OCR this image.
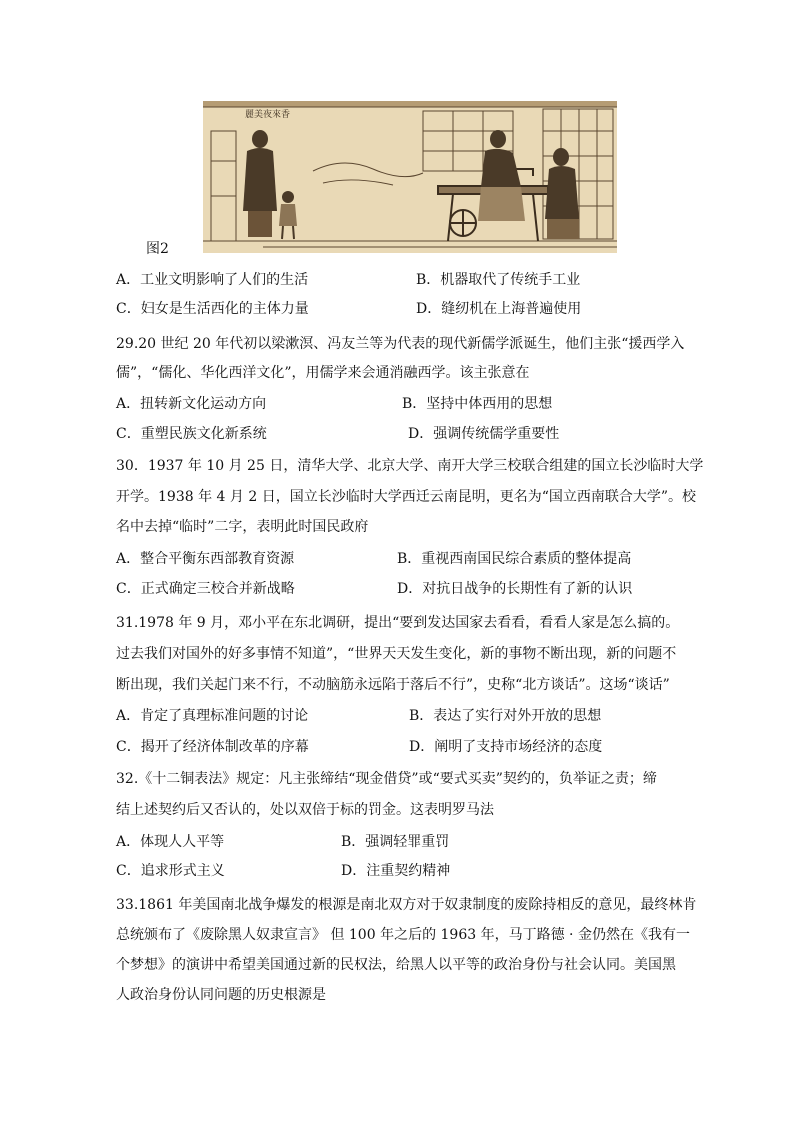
麗美夜來香
图2
A．工业文明影响了人们的生活	B．机器取代了传统手工业
C．妇女是生活西化的主体力量	D．缝纫机在上海普遍使用
29.20 世纪 20 年代初以梁漱溟、冯友兰等为代表的现代新儒学派诞生，他们主张“援西学入
儒”，“儒化、华化西洋文化”，用儒学来会通消融西学。该主张意在
A．扭转新文化运动方向	B．坚持中体西用的思想
C．重塑民族文化新系统	D．强调传统儒学重要性
30．1937 年 10 月 25 日，清华大学、北京大学、南开大学三校联合组建的国立长沙临时大学
开学。1938 年 4 月 2 日，国立长沙临时大学西迁云南昆明，更名为“国立西南联合大学”。校
名中去掉“临时”二字，表明此时国民政府
A．整合平衡东西部教育资源	B．重视西南国民综合素质的整体提高
C．正式确定三校合并新战略	D．对抗日战争的长期性有了新的认识
31.1978 年 9 月，邓小平在东北调研，提出“要到发达国家去看看，看看人家是怎么搞的。
过去我们对国外的好多事情不知道”，“世界天天发生变化，新的事物不断出现，新的问题不
断出现，我们关起门来不行，不动脑筋永远陷于落后不行”，史称“北方谈话”。这场“谈话”
A．肯定了真理标准问题的讨论	B．表达了实行对外开放的思想
C．揭开了经济体制改革的序幕	D．阐明了支持市场经济的态度
32.《十二铜表法》规定：凡主张缔结“现金借贷”或“要式买卖”契约的，负举证之责；缔
结上述契约后又否认的，处以双倍于标的罚金。这表明罗马法
A．体现人人平等	B．强调轻罪重罚
C．追求形式主义	D．注重契约精神
33.1861 年美国南北战争爆发的根源是南北双方对于奴隶制度的废除持相反的意见，最终林肯
总统颁布了《废除黑人奴隶宣言》 但 100 年之后的 1963 年，马丁路德 · 金仍然在《我有一
个梦想》的演讲中希望美国通过新的民权法，给黑人以平等的政治身份与社会认同。美国黑
人政治身份认同问题的历史根源是
